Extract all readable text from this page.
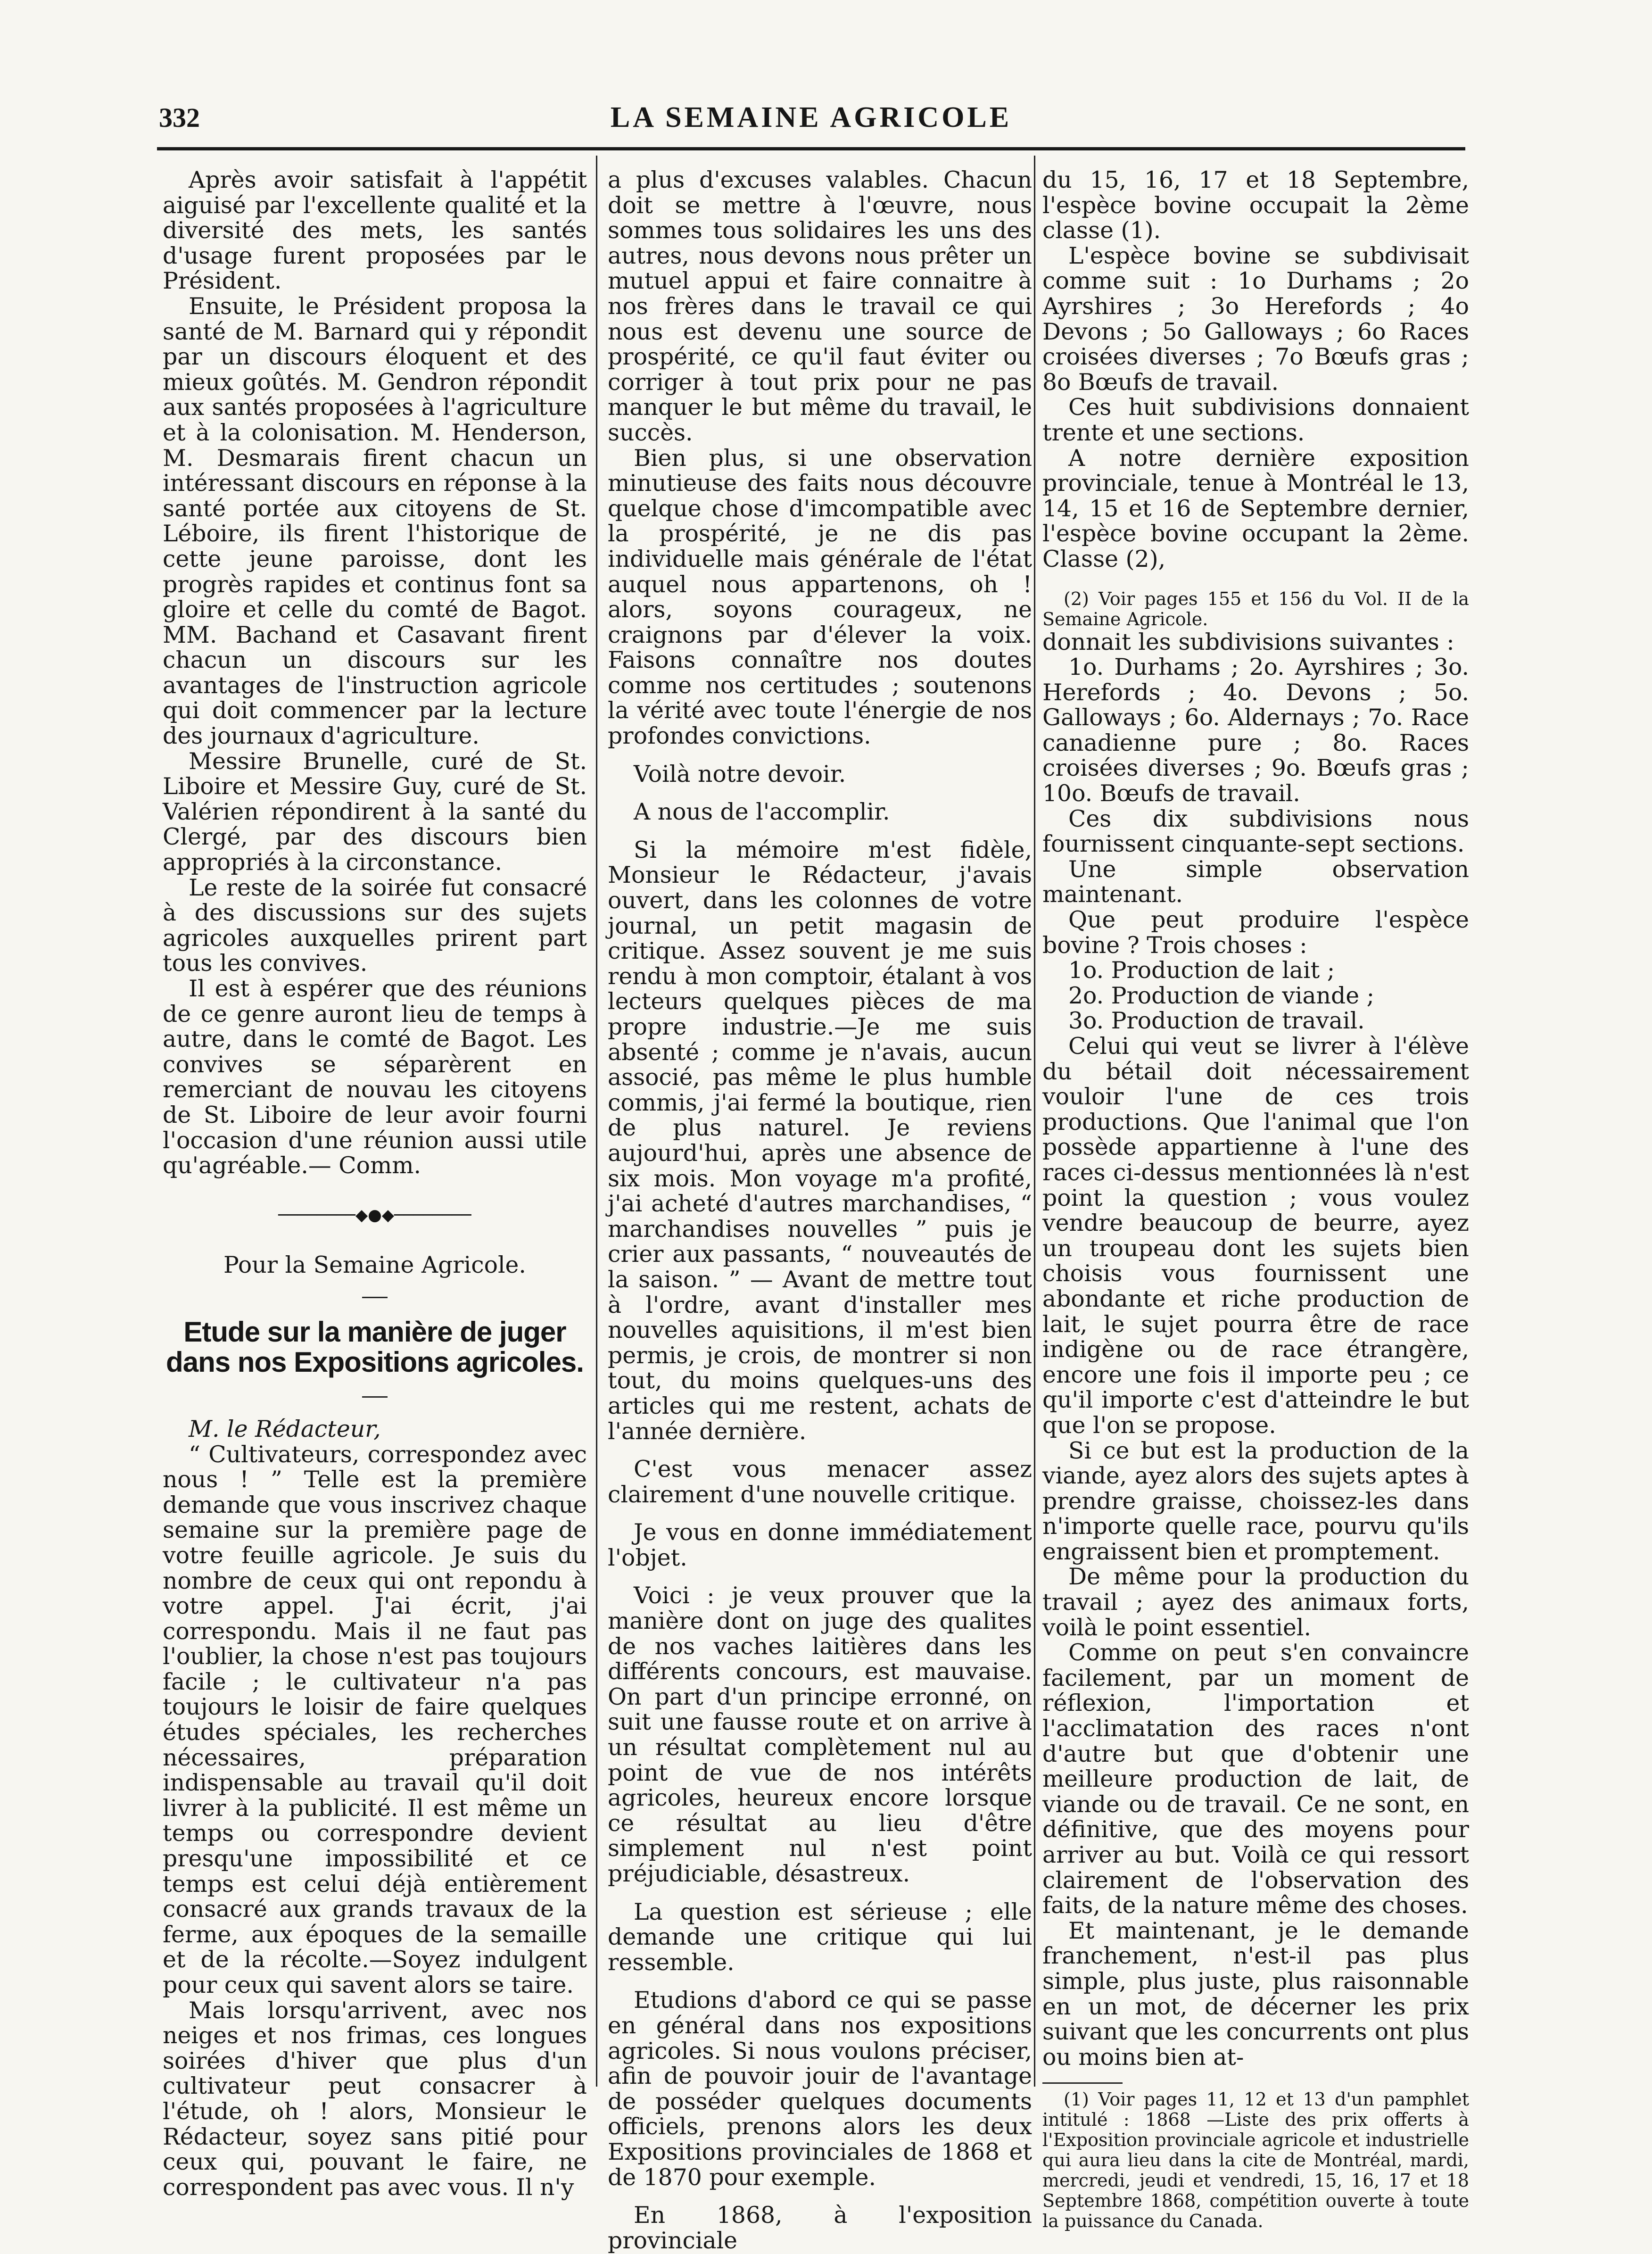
332	LA SEMAINE AGRICOLE

Après avoir satisfait à l'appétit aiguisé par l'excellente qualité et la diversité des mets, les santés d'usage furent proposées par le Président.

Ensuite, le Président proposa la santé de M. Barnard qui y répondit par un discours éloquent et des mieux goûtés. M. Gendron répondit aux santés proposées à l'agriculture et à la colonisation. M. Henderson, M. Desmarais firent chacun un intéressant discours en réponse à la santé portée aux citoyens de St. Léboire, ils firent l'historique de cette jeune paroisse, dont les progrès rapides et continus font sa gloire et celle du comté de Bagot. MM. Bachand et Casavant firent chacun un discours sur les avantages de l'instruction agricole qui doit commencer par la lecture des journaux d'agriculture.

Messire Brunelle, curé de St. Liboire et Messire Guy, curé de St. Valérien répondirent à la santé du Clergé, par des discours bien appropriés à la circonstance.

Le reste de la soirée fut consacré à des discussions sur des sujets agricoles auxquelles prirent part tous les convives.

Il est à espérer que des réunions de ce genre auront lieu de temps à autre, dans le comté de Bagot. Les convives se séparèrent en remerciant de nouvau les citoyens de St. Liboire de leur avoir fourni l'occasion d'une réunion aussi utile qu'agréable.— Comm.

────────◆●◆────────

Pour la Semaine Agricole.

Etude sur la manière de juger dans nos Expositions agricoles.

M. le Rédacteur,

“ Cultivateurs, correspondez avec nous ! ” Telle est la première demande que vous inscrivez chaque semaine sur la première page de votre feuille agricole. Je suis du nombre de ceux qui ont repondu à votre appel. J'ai écrit, j'ai correspondu. Mais il ne faut pas l'oublier, la chose n'est pas toujours facile ; le cultivateur n'a pas toujours le loisir de faire quelques études spéciales, les recherches nécessaires, préparation indispensable au travail qu'il doit livrer à la publicité. Il est même un temps ou correspondre devient presqu'une impossibilité et ce temps est celui déjà entièrement consacré aux grands travaux de la ferme, aux époques de la semaille et de la récolte.—Soyez indulgent pour ceux qui savent alors se taire.

Mais lorsqu'arrivent, avec nos neiges et nos frimas, ces longues soirées d'hiver que plus d'un cultivateur peut consacrer à l'étude, oh ! alors, Monsieur le Rédacteur, soyez sans pitié pour ceux qui, pouvant le faire, ne correspondent pas avec vous. Il n'y

a plus d'excuses valables. Chacun doit se mettre à l'œuvre, nous sommes tous solidaires les uns des autres, nous devons nous prêter un mutuel appui et faire connaitre à nos frères dans le travail ce qui nous est devenu une source de prospérité, ce qu'il faut éviter ou corriger à tout prix pour ne pas manquer le but même du travail, le succès.

Bien plus, si une observation minutieuse des faits nous découvre quelque chose d'imcompatible avec la prospérité, je ne dis pas individuelle mais générale de l'état auquel nous appartenons, oh ! alors, soyons courageux, ne craignons par d'élever la voix. Faisons connaître nos doutes comme nos certitudes ; soutenons la vérité avec toute l'énergie de nos profondes convictions.

Voilà notre devoir.

A nous de l'accomplir.

Si la mémoire m'est fidèle, Monsieur le Rédacteur, j'avais ouvert, dans les colonnes de votre journal, un petit magasin de critique. Assez souvent je me suis rendu à mon comptoir, étalant à vos lecteurs quelques pièces de ma propre industrie.—Je me suis absenté ; comme je n'avais, aucun associé, pas même le plus humble commis, j'ai fermé la boutique, rien de plus naturel. Je reviens aujourd'hui, après une absence de six mois. Mon voyage m'a profité, j'ai acheté d'autres marchandises, “ marchandises nouvelles ” puis je crier aux passants, “ nouveautés de la saison. ” — Avant de mettre tout à l'ordre, avant d'installer mes nouvelles aquisitions, il m'est bien permis, je crois, de montrer si non tout, du moins quelques-uns des articles qui me restent, achats de l'année dernière.

C'est vous menacer assez clairement d'une nouvelle critique.

Je vous en donne immédiatement l'objet.

Voici : je veux prouver que la manière dont on juge des qualites de nos vaches laitières dans les différents concours, est mauvaise. On part d'un principe erronné, on suit une fausse route et on arrive à un résultat complètement nul au point de vue de nos intérêts agricoles, heureux encore lorsque ce résultat au lieu d'être simplement nul n'est point préjudiciable, désastreux.

La question est sérieuse ; elle demande une critique qui lui ressemble.

Etudions d'abord ce qui se passe en général dans nos expositions agricoles. Si nous voulons préciser, afin de pouvoir jouir de l'avantage de posséder quelques documents officiels, prenons alors les deux Expositions provinciales de 1868 et de 1870 pour exemple.

En 1868, à l'exposition provinciale

du 15, 16, 17 et 18 Septembre, l'espèce bovine occupait la 2ème classe (1).

L'espèce bovine se subdivisait comme suit : 1o Durhams ; 2o Ayrshires ; 3o Herefords ; 4o Devons ; 5o Galloways ; 6o Races croisées diverses ; 7o Bœufs gras ; 8o Bœufs de travail.

Ces huit subdivisions donnaient trente et une sections.

A notre dernière exposition provinciale, tenue à Montréal le 13, 14, 15 et 16 de Septembre dernier, l'espèce bovine occupant la 2ème. Classe (2),

(2) Voir pages 155 et 156 du Vol. II de la Semaine Agricole.

donnait les subdivisions suivantes :

1o. Durhams ; 2o. Ayrshires ; 3o. Herefords ; 4o. Devons ; 5o. Galloways ; 6o. Aldernays ; 7o. Race canadienne pure ; 8o. Races croisées diverses ; 9o. Bœufs gras ; 10o. Bœufs de travail.

Ces dix subdivisions nous fournissent cinquante-sept sections.

Une simple observation maintenant.

Que peut produire l'espèce bovine ? Trois choses :

1o. Production de lait ;

2o. Production de viande ;

3o. Production de travail.

Celui qui veut se livrer à l'élève du bétail doit nécessairement vouloir l'une de ces trois productions. Que l'animal que l'on possède appartienne à l'une des races ci-dessus mentionnées là n'est point la question ; vous voulez vendre beaucoup de beurre, ayez un troupeau dont les sujets bien choisis vous fournissent une abondante et riche production de lait, le sujet pourra être de race indigène ou de race étrangère, encore une fois il importe peu ; ce qu'il importe c'est d'atteindre le but que l'on se propose.

Si ce but est la production de la viande, ayez alors des sujets aptes à prendre graisse, choissez-les dans n'importe quelle race, pourvu qu'ils engraissent bien et promptement.

De même pour la production du travail ; ayez des animaux forts, voilà le point essentiel.

Comme on peut s'en convaincre facilement, par un moment de réflexion, l'importation et l'acclimatation des races n'ont d'autre but que d'obtenir une meilleure production de lait, de viande ou de travail. Ce ne sont, en définitive, que des moyens pour arriver au but. Voilà ce qui ressort clairement de l'observation des faits, de la nature même des choses.

Et maintenant, je le demande franchement, n'est-il pas plus simple, plus juste, plus raisonnable en un mot, de décerner les prix suivant que les concurrents ont plus ou moins bien at-

(1) Voir pages 11, 12 et 13 d'un pamphlet intitulé : 1868 —Liste des prix offerts à l'Exposition provinciale agricole et industrielle qui aura lieu dans la cite de Montréal, mardi, mercredi, jeudi et vendredi, 15, 16, 17 et 18 Septembre 1868, compétition ouverte à toute la puissance du Canada.
